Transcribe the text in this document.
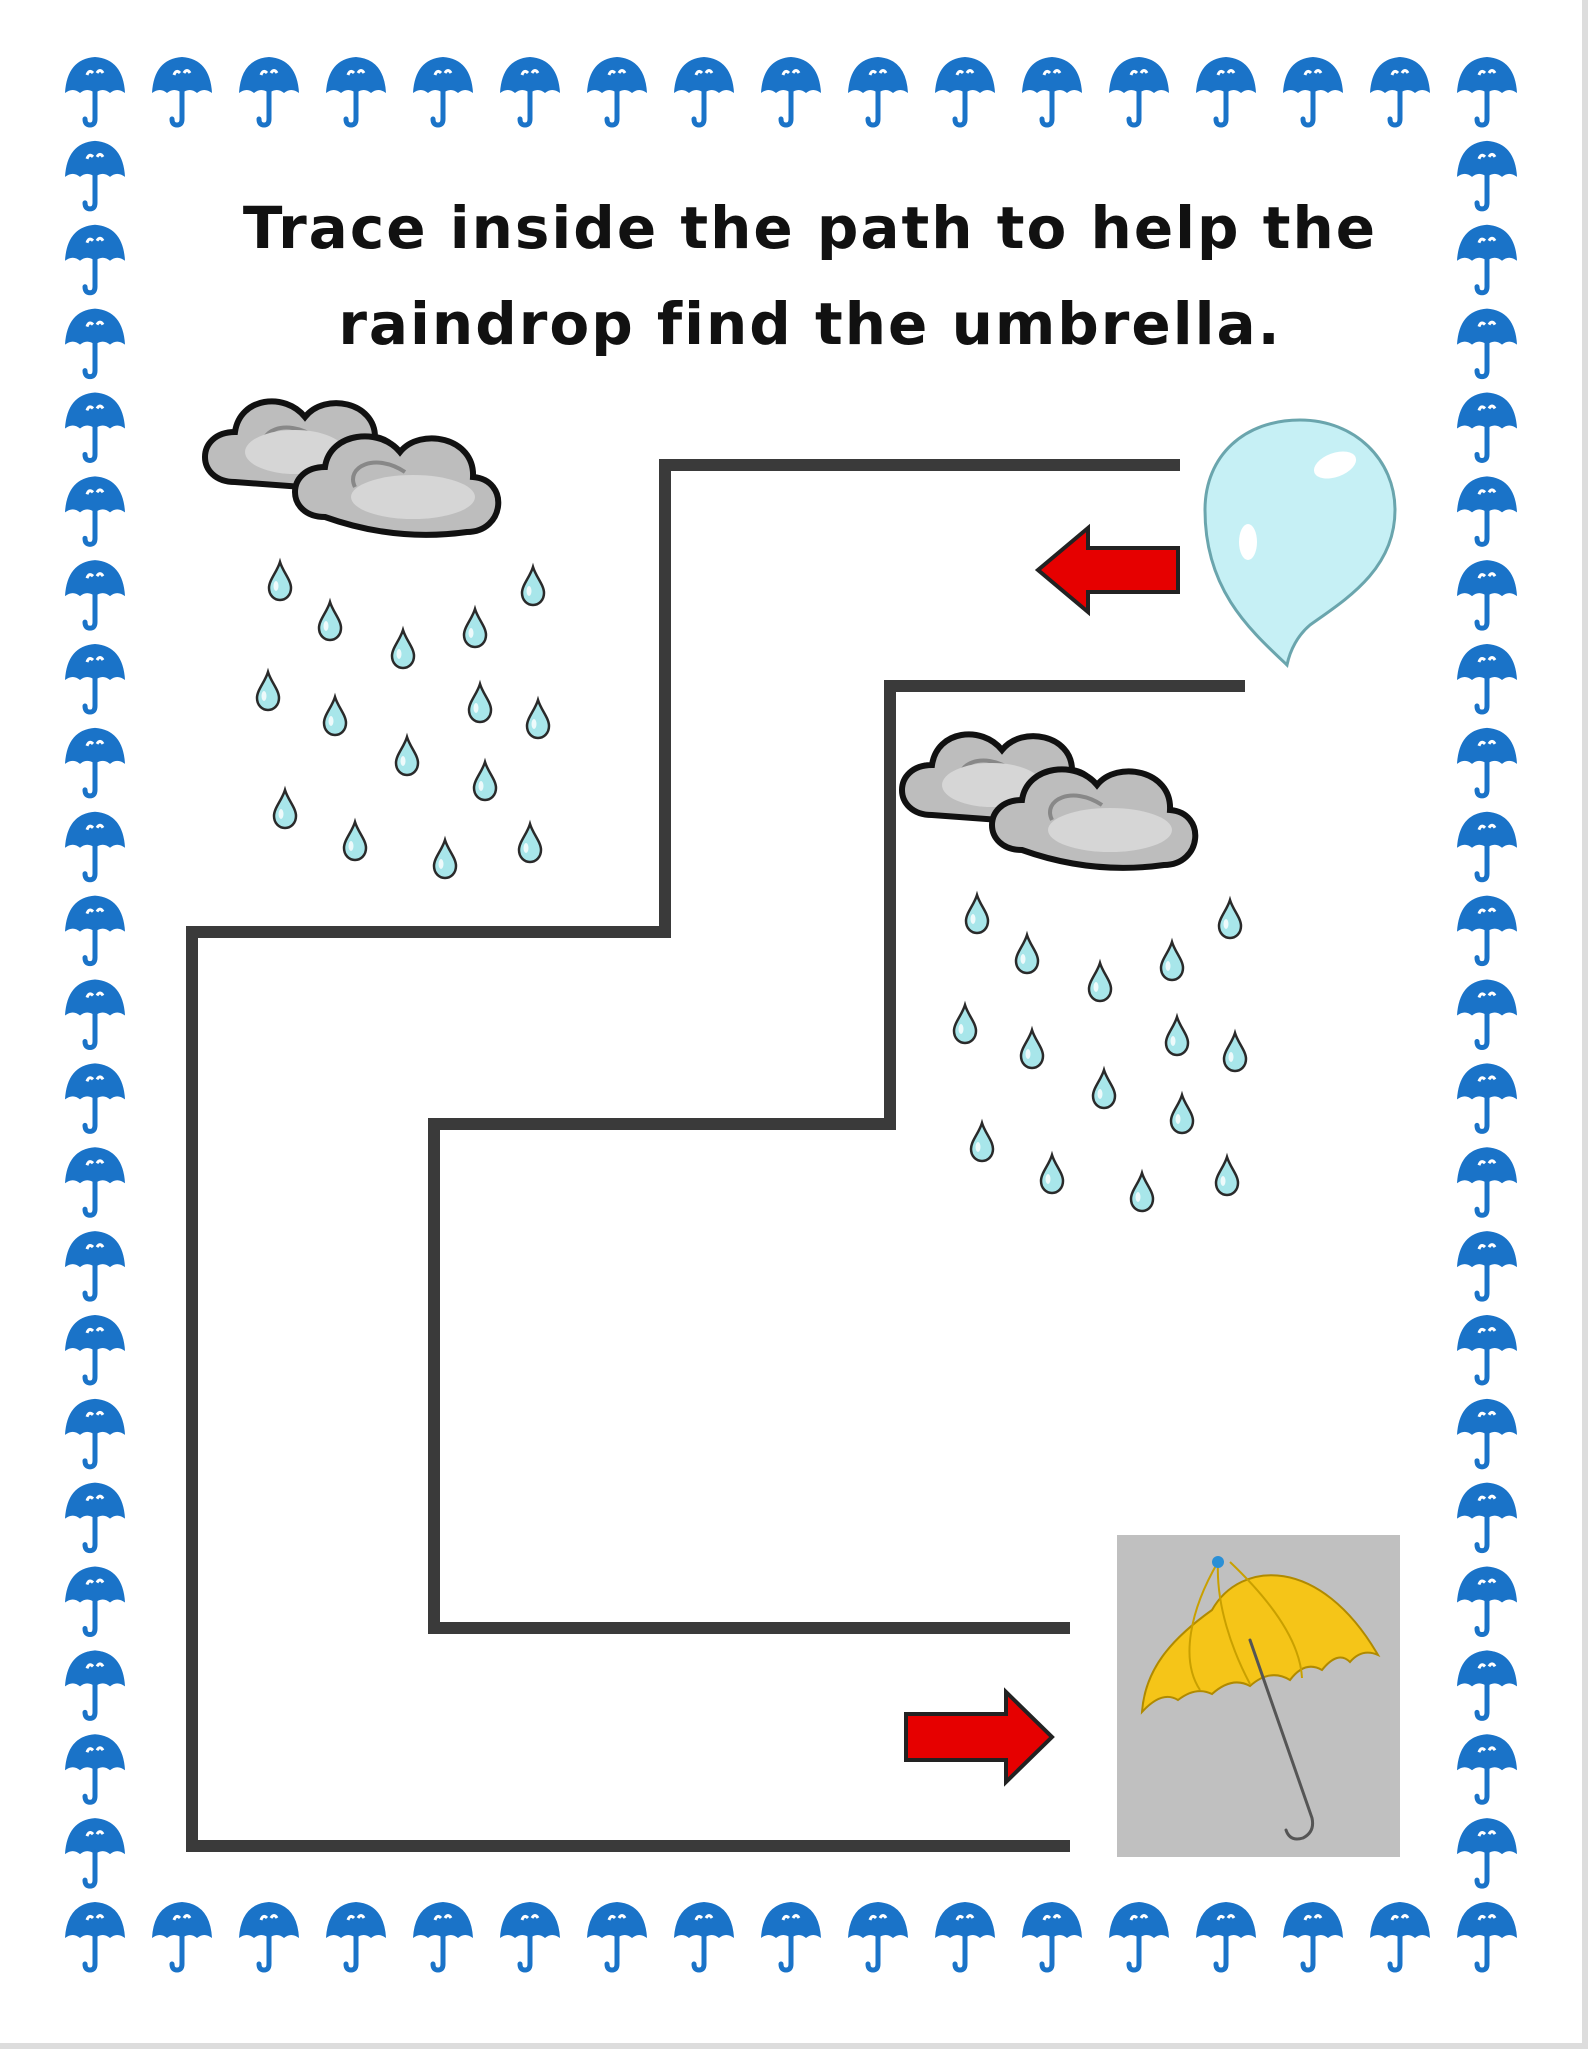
Trace inside the path to help the
raindrop find the umbrella.
